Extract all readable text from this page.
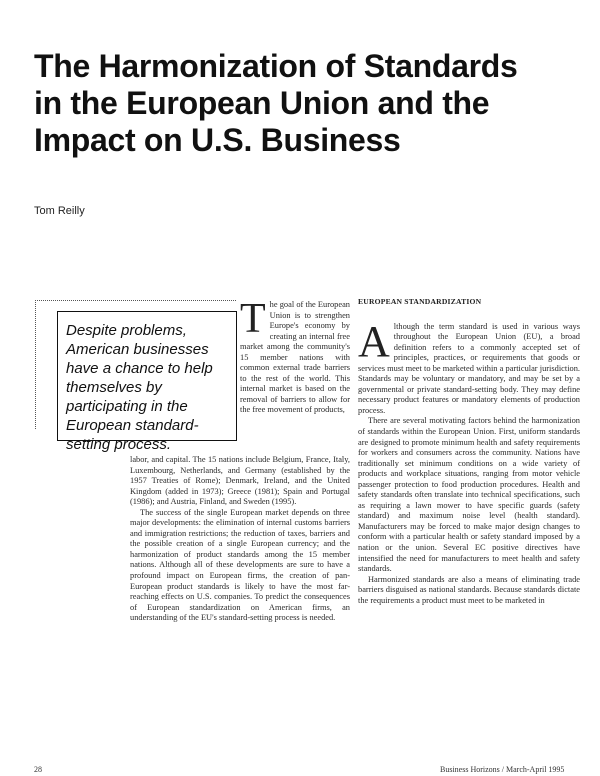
The Harmonization of Standards
in the European Union and the
Impact on U.S. Business
Tom Reilly
Despite problems, American businesses have a chance to help themselves by participating in the European standard-setting process.
T he goal of the European Union is to strengthen Europe's economy by creating an internal free market among the community's 15 member nations with common external trade barriers to the rest of the world. This internal market is based on the removal of barriers to allow for the free movement of products,

labor, and capital. The 15 nations include Belgium, France, Italy, Luxembourg, Netherlands, and Germany (established by the 1957 Treaties of Rome); Denmark, Ireland, and the United Kingdom (added in 1973); Greece (1981); Spain and Portugal (1986); and Austria, Finland, and Sweden (1995).

The success of the single European market depends on three major developments: the elimination of internal customs barriers and immigration restrictions; the reduction of taxes, barriers and the possible creation of a single European currency; and the harmonization of product standards among the 15 member nations. Although all of these developments are sure to have a profound impact on European firms, the creation of pan-European product standards is likely to have the most far-reaching effects on U.S. companies. To predict the consequences of European standardization on American firms, an understanding of the EU's standard-setting process is needed.

EUROPEAN STANDARDIZATION

Although the term standard is used in various ways throughout the European Union (EU), a broad definition refers to a commonly accepted set of principles, practices, or requirements that goods or services must meet to be marketed within a particular jurisdiction. Standards may be voluntary or mandatory, and may be set by a governmental or private standard-setting body. They may define necessary product features or mandatory elements of production process.

There are several motivating factors behind the harmonization of standards within the European Union. First, uniform standards are designed to promote minimum health and safety requirements for workers and consumers across the community. Nations have traditionally set minimum conditions on a wide variety of products and workplace situations, ranging from motor vehicle passenger protection to food production procedures. Health and safety standards often translate into technical specifications, such as requiring a lawn mower to have specific guards (safety standard) and maximum noise level (health standard). Manufacturers may be forced to make major design changes to conform with a particular health or safety standard imposed by a nation or the union. Several EC positive directives have intensified the need for manufacturers to meet health and safety standards.

Harmonized standards are also a means of eliminating trade barriers disguised as national standards. Because standards dictate the requirements a product must meet to be marketed in

28	Business Horizons / March-April 1995
